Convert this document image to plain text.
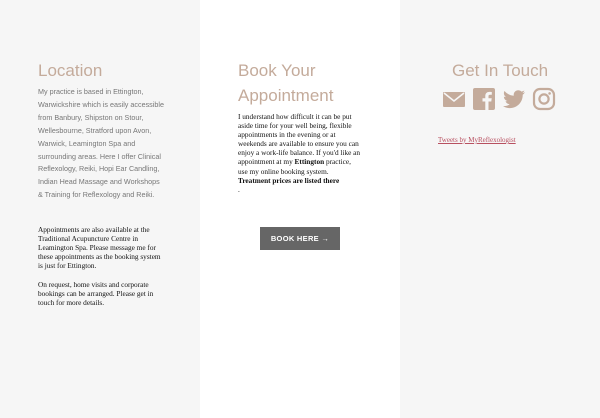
Location

My practice is based in Ettington, Warwickshire which is easily accessible from Banbury, Shipston on Stour, Wellesbourne, Stratford upon Avon, Warwick, Leamington Spa and surrounding areas. Here I offer Clinical Reflexology, Reiki, Hopi Ear Candling, Indian Head Massage and Workshops & Training for Reflexology and Reiki.

Appointments are also available at the Traditional Acupuncture Centre in Leamington Spa. Please message me for these appointments as the booking system is just for Ettington.

On request, home visits and corporate bookings can be arranged. Please get in touch for more details.

Book Your
Appointment

I understand how difficult it can be put aside time for your well being, flexible appointments in the evening or at weekends are available to ensure you can enjoy a work-life balance. If you'd like an appointment at my Ettington practice, use my online booking system. Treatment prices are listed there
.

BOOK HERE →
Get In Touch
Tweets by MyReflexologist
